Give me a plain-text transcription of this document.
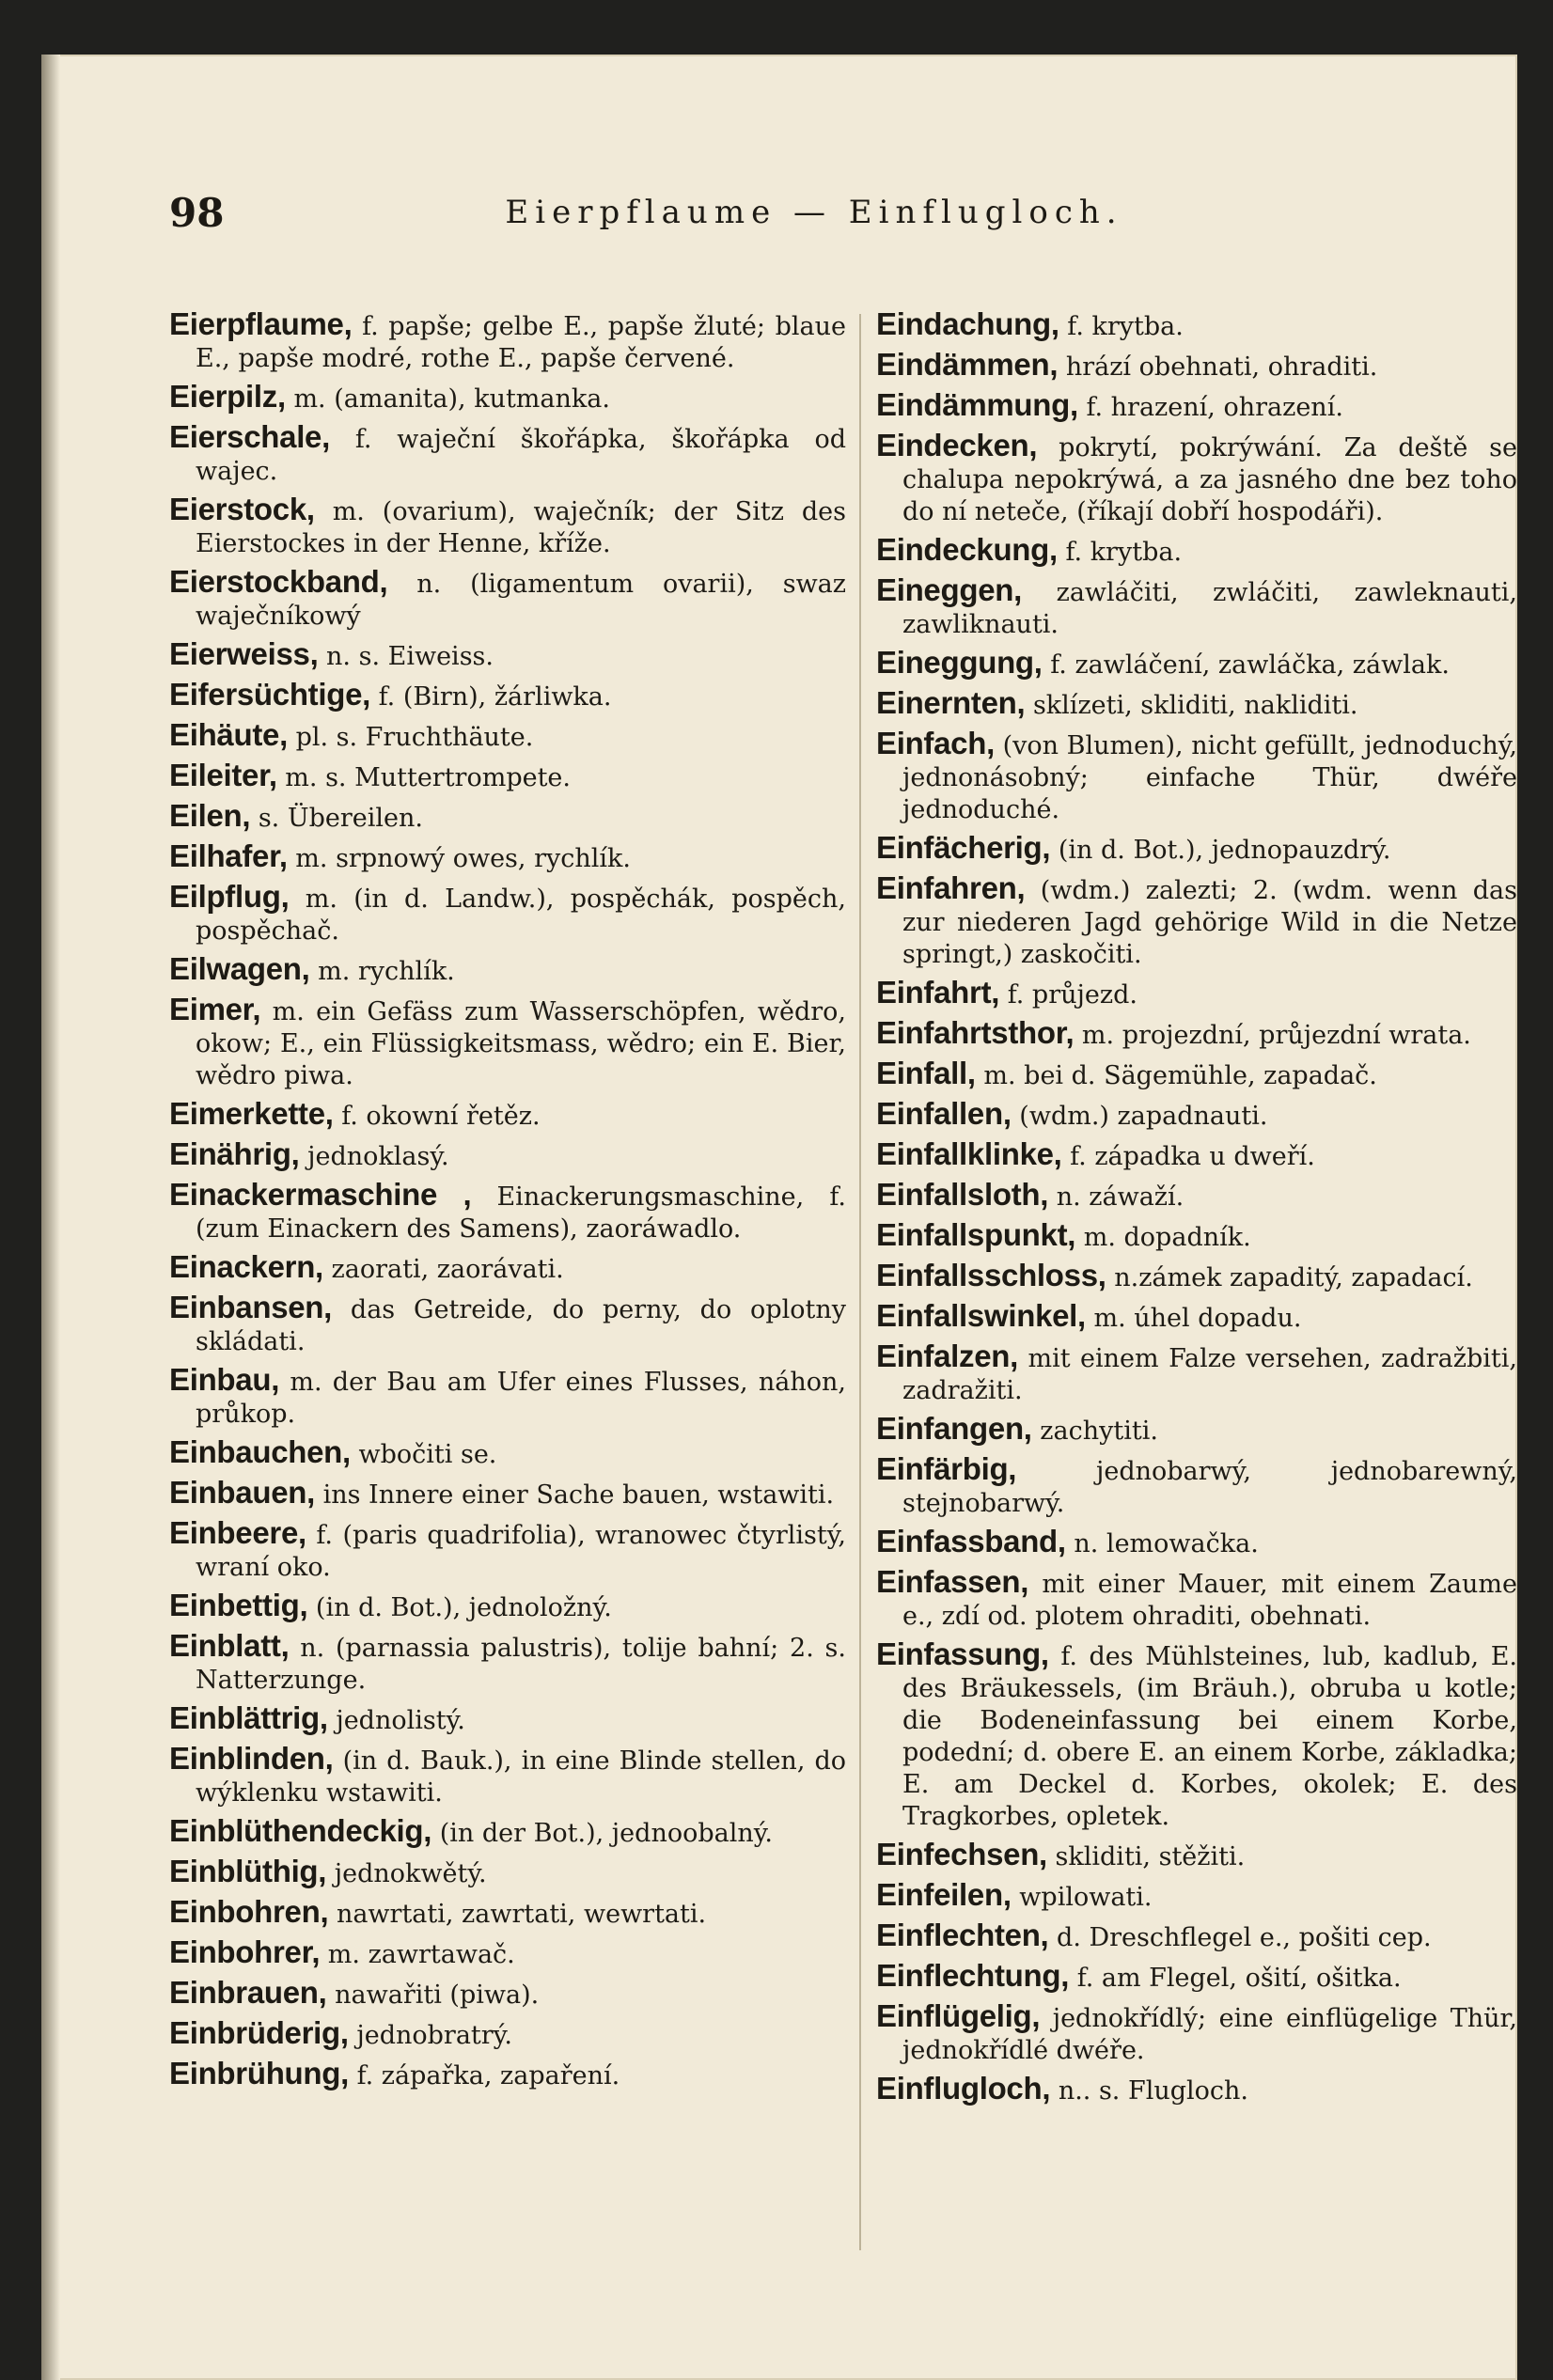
98	Eierpflaume — Einflugloch.

Eierpflaume, f. papše; gelbe E., papše žluté; blaue E., papše modré, rothe E., papše červené.

Eierpilz, m. (amanita), kutmanka.

Eierschale, f. waječní škořápka, škořápka od wajec.

Eierstock, m. (ovarium), waječník; der Sitz des Eierstockes in der Henne, kříže.

Eierstockband, n. (ligamentum ovarii), swaz waječníkowý

Eierweiss, n. s. Eiweiss.

Eifersüchtige, f. (Birn), žárliwka.

Eihäute, pl. s. Fruchthäute.

Eileiter, m. s. Muttertrompete.

Eilen, s. Übereilen.

Eilhafer, m. srpnowý owes, rychlík.

Eilpflug, m. (in d. Landw.), pospěchák, pospěch, pospěchač.

Eilwagen, m. rychlík.

Eimer, m. ein Gefäss zum Wasserschöpfen, wědro, okow; E., ein Flüssigkeitsmass, wědro; ein E. Bier, wědro piwa.

Eimerkette, f. okowní řetěz.

Einährig, jednoklasý.

Einackermaschine , Einackerungsmaschine, f. (zum Einackern des Samens), zaoráwadlo.

Einackern, zaorati, zaorávati.

Einbansen, das Getreide, do perny, do oplotny skládati.

Einbau, m. der Bau am Ufer eines Flusses, náhon, průkop.

Einbauchen, wbočiti se.

Einbauen, ins Innere einer Sache bauen, wstawiti.

Einbeere, f. (paris quadrifolia), wranowec čtyrlistý, wraní oko.

Einbettig, (in d. Bot.), jednoložný.

Einblatt, n. (parnassia palustris), tolije bahní; 2. s. Natterzunge.

Einblättrig, jednolistý.

Einblinden, (in d. Bauk.), in eine Blinde stellen, do wýklenku wstawiti.

Einblüthendeckig, (in der Bot.), jednoobalný.

Einblüthig, jednokwětý.

Einbohren, nawrtati, zawrtati, wewrtati.

Einbohrer, m. zawrtawač.

Einbrauen, nawařiti (piwa).

Einbrüderig, jednobratrý.

Einbrühung, f. zápařka, zapaření.

Eindachung, f. krytba.

Eindämmen, hrází obehnati, ohraditi.

Eindämmung, f. hrazení, ohrazení.

Eindecken, pokrytí, pokrýwání. Za deště se chalupa nepokrýwá, a za jasného dne bez toho do ní neteče, (říkají dobří hospodáři).

Eindeckung, f. krytba.

Eineggen, zawláčiti, zwláčiti, zawleknauti, zawliknauti.

Eineggung, f. zawláčení, zawláčka, záwlak.

Einernten, sklízeti, skliditi, nakliditi.

Einfach, (von Blumen), nicht gefüllt, jednoduchý, jednonásobný; einfache Thür, dwéře jednoduché.

Einfächerig, (in d. Bot.), jednopauzdrý.

Einfahren, (wdm.) zalezti; 2. (wdm. wenn das zur niederen Jagd gehörige Wild in die Netze springt,) zaskočiti.

Einfahrt, f. průjezd.

Einfahrtsthor, m. projezdní, průjezdní wrata.

Einfall, m. bei d. Sägemühle, zapadač.

Einfallen, (wdm.) zapadnauti.

Einfallklinke, f. západka u dweří.

Einfallsloth, n. záwaží.

Einfallspunkt, m. dopadník.

Einfallsschloss, n.zámek zapaditý, zapadací.

Einfallswinkel, m. úhel dopadu.

Einfalzen, mit einem Falze versehen, zadražbiti, zadražiti.

Einfangen, zachytiti.

Einfärbig,	jednobarwý, jednobarewný, stejnobarwý.

Einfassband, n. lemowačka.

Einfassen, mit einer Mauer, mit einem Zaume e., zdí od. plotem ohraditi, obehnati.

Einfassung, f. des Mühlsteines, lub, kadlub, E. des Bräukessels, (im Bräuh.), obruba u kotle; die Bodeneinfassung bei einem Korbe, podední; d. obere E. an einem Korbe, základka; E. am Deckel d. Korbes, okolek; E. des Tragkorbes, opletek.

Einfechsen, skliditi, stěžiti.

Einfeilen, wpilowati.

Einflechten, d. Dreschflegel e., pošiti cep.

Einflechtung, f. am Flegel, ošití, ošitka.

Einflügelig, jednokřídlý; eine einflügelige Thür, jednokřídlé dwéře.

Einflugloch, n.. s. Flugloch.
